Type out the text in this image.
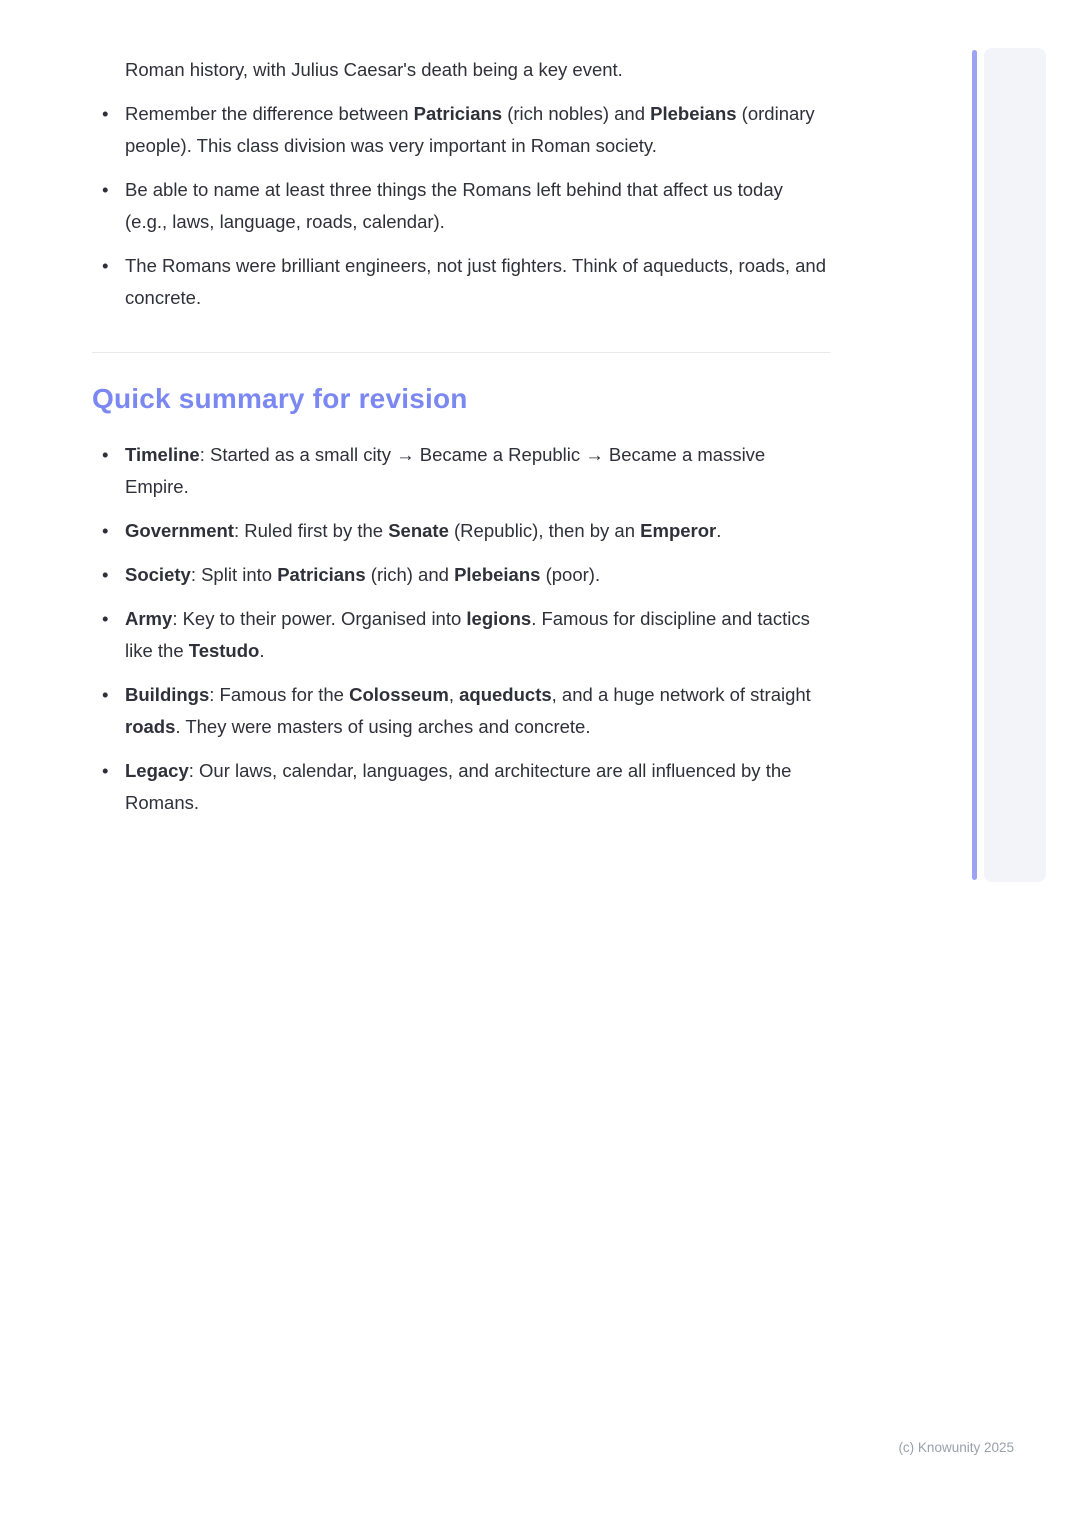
Roman history, with Julius Caesar's death being a key event.

• Remember the difference between Patricians (rich nobles) and Plebeians (ordinary people). This class division was very important in Roman society.
• Be able to name at least three things the Romans left behind that affect us today (e.g., laws, language, roads, calendar).
• The Romans were brilliant engineers, not just fighters. Think of aqueducts, roads, and concrete.
Quick summary for revision
• Timeline: Started as a small city → Became a Republic → Became a massive Empire.
• Government: Ruled first by the Senate (Republic), then by an Emperor.
• Society: Split into Patricians (rich) and Plebeians (poor).
• Army: Key to their power. Organised into legions. Famous for discipline and tactics like the Testudo.
• Buildings: Famous for the Colosseum, aqueducts, and a huge network of straight roads. They were masters of using arches and concrete.
• Legacy: Our laws, calendar, languages, and architecture are all influenced by the Romans.
(c) Knowunity 2025
